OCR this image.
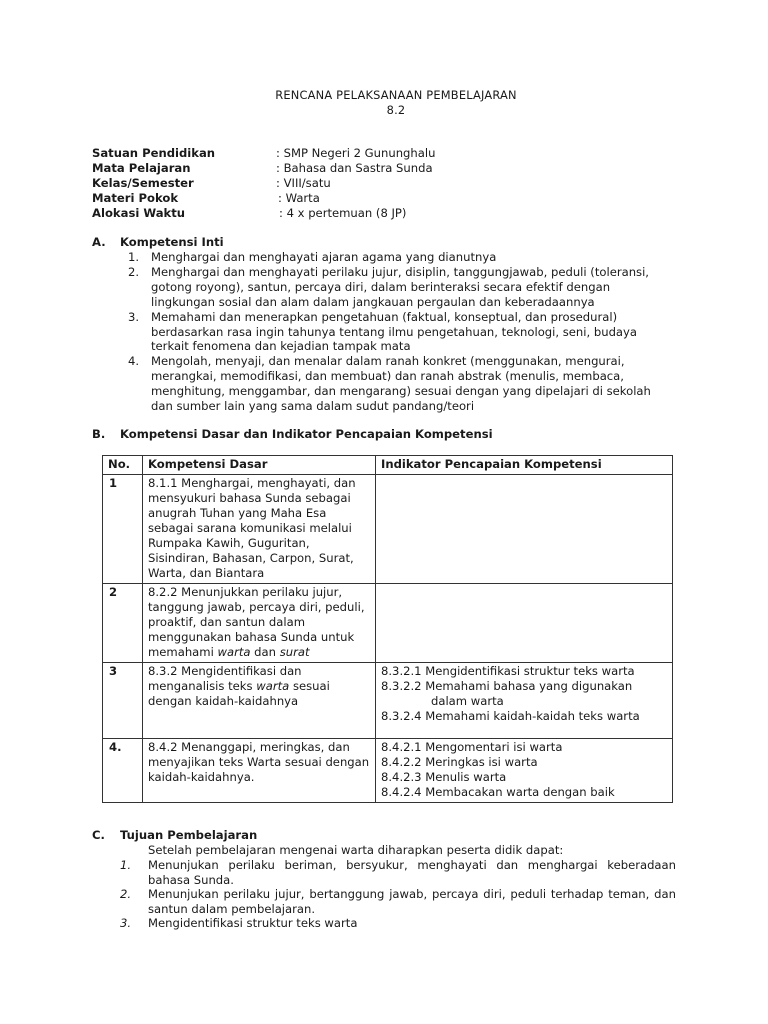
RENCANA PELAKSANAAN PEMBELAJARAN
8.2
Satuan Pendidikan	: SMP Negeri 2 Gununghalu
Mata Pelajaran	: Bahasa dan Sastra Sunda
Kelas/Semester	: VIII/satu
Materi Pokok	: Warta
Alokasi Waktu	: 4 x pertemuan (8 JP)
A. Kompetensi Inti
1. Menghargai dan menghayati ajaran agama yang dianutnya
2. Menghargai dan menghayati perilaku jujur, disiplin, tanggungjawab, peduli (toleransi, gotong royong), santun, percaya diri, dalam berinteraksi secara efektif dengan lingkungan sosial dan alam dalam jangkauan pergaulan dan keberadaannya
3. Memahami dan menerapkan pengetahuan (faktual, konseptual, dan prosedural) berdasarkan rasa ingin tahunya tentang ilmu pengetahuan, teknologi, seni, budaya terkait fenomena dan kejadian tampak mata
4. Mengolah, menyaji, dan menalar dalam ranah konkret (menggunakan, mengurai, merangkai, memodifikasi, dan membuat) dan ranah abstrak (menulis, membaca, menghitung, menggambar, dan mengarang) sesuai dengan yang dipelajari di sekolah dan sumber lain yang sama dalam sudut pandang/teori
B. Kompetensi Dasar dan Indikator Pencapaian Kompetensi
No.	Kompetensi Dasar	Indikator Pencapaian Kompetensi
1	8.1.1 Menghargai, menghayati, dan mensyukuri bahasa Sunda sebagai anugrah Tuhan yang Maha Esa sebagai sarana komunikasi melalui Rumpaka Kawih, Guguritan, Sisindiran, Bahasan, Carpon, Surat, Warta, dan Biantara	
2	8.2.2 Menunjukkan perilaku jujur, tanggung jawab, percaya diri, peduli, proaktif, dan santun dalam menggunakan bahasa Sunda untuk memahami warta dan surat	
3	8.3.2 Mengidentifikasi dan menganalisis teks warta sesuai dengan kaidah-kaidahnya	8.3.2.1 Mengidentifikasi struktur teks warta
8.3.2.2 Memahami bahasa yang digunakan
dalam warta
8.3.2.4 Memahami kaidah-kaidah teks warta

4.	8.4.2 Menanggapi, meringkas, dan menyajikan teks Warta sesuai dengan kaidah-kaidahnya.	8.4.2.1 Mengomentari isi warta
8.4.2.2 Meringkas isi warta
8.4.2.3 Menulis warta
8.4.2.4 Membacakan warta dengan baik
C. Tujuan Pembelajaran
Setelah pembelajaran mengenai warta diharapkan peserta didik dapat:
1. Menunjukan perilaku beriman, bersyukur, menghayati dan menghargai keberadaan bahasa Sunda.
2. Menunjukan perilaku jujur, bertanggung jawab, percaya diri, peduli terhadap teman, dan santun dalam pembelajaran.
3. Mengidentifikasi struktur teks warta
